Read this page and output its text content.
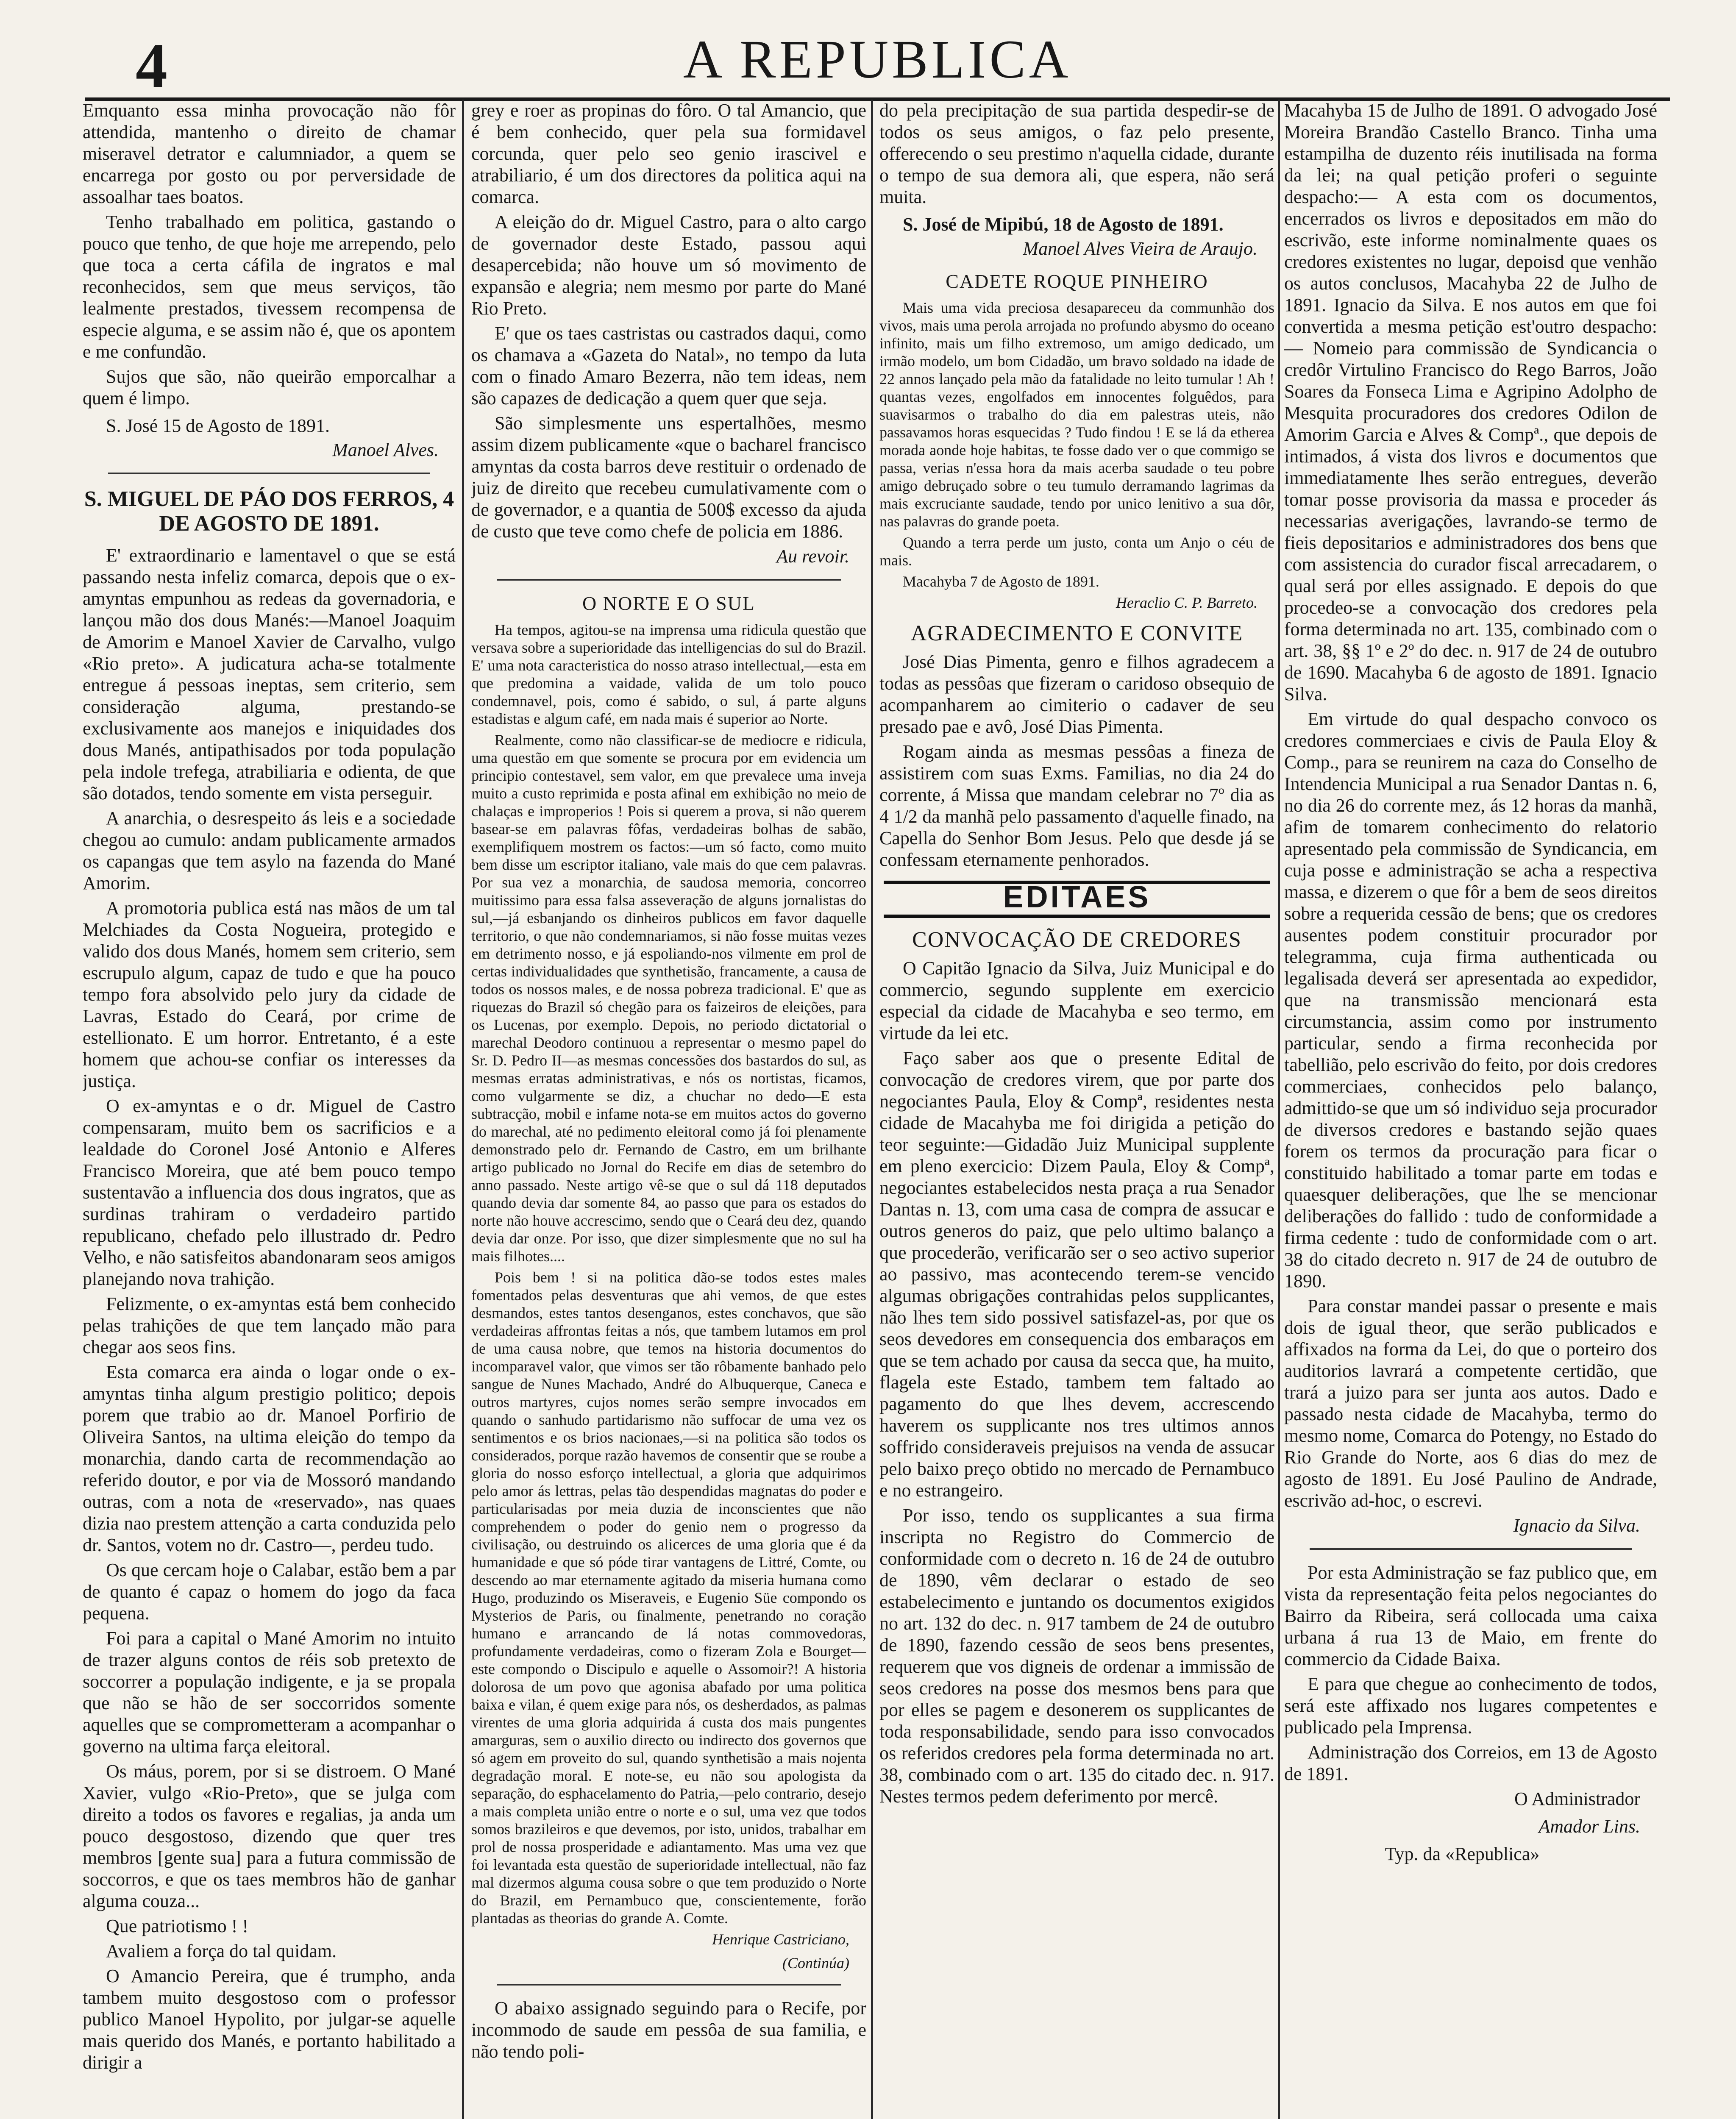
4	A REPUBLICA

Emquanto essa minha provocação não fôr attendida, mantenho o direito de chamar miseravel detrator e calumniador, a quem se encarrega por gosto ou por perversidade de assoalhar taes boatos.

Tenho trabalhado em politica, gastando o pouco que tenho, de que hoje me arrependo, pelo que toca a certa cáfila de ingratos e mal reconhecidos, sem que meus serviços, tão lealmente prestados, tivessem recompensa de especie alguma, e se assim não é, que os apontem e me confundão.

Sujos que são, não queirão emporcalhar a quem é limpo.

S. José 15 de Agosto de 1891.

Manoel Alves.

S. MIGUEL DE PÁO DOS FERROS, 4 DE AGOSTO DE 1891.

E' extraordinario e lamentavel o que se está passando nesta infeliz comarca, depois que o ex-amyntas empunhou as redeas da governadoria, e lançou mão dos dous Manés:—Manoel Joaquim de Amorim e Manoel Xavier de Carvalho, vulgo «Rio preto». A judicatura acha-se totalmente entregue á pessoas ineptas, sem criterio, sem consideração alguma, prestando-se exclusivamente aos manejos e iniquidades dos dous Manés, antipathisados por toda população pela indole trefega, atrabiliaria e odienta, de que são dotados, tendo somente em vista perseguir.

A anarchia, o desrespeito ás leis e a sociedade chegou ao cumulo: andam publicamente armados os capangas que tem asylo na fazenda do Mané Amorim.

A promotoria publica está nas mãos de um tal Melchiades da Costa Nogueira, protegido e valido dos dous Manés, homem sem criterio, sem escrupulo algum, capaz de tudo e que ha pouco tempo fora absolvido pelo jury da cidade de Lavras, Estado do Ceará, por crime de estellionato. E um horror. Entretanto, é a este homem que achou-se confiar os interesses da justiça.

O ex-amyntas e o dr. Miguel de Castro compensaram, muito bem os sacrificios e a lealdade do Coronel José Antonio e Alferes Francisco Moreira, que até bem pouco tempo sustentavão a influencia dos dous ingratos, que as surdinas trahiram o verdadeiro partido republicano, chefado pelo illustrado dr. Pedro Velho, e não satisfeitos abandonaram seos amigos planejando nova trahição.

Felizmente, o ex-amyntas está bem conhecido pelas trahições de que tem lançado mão para chegar aos seos fins.

Esta comarca era ainda o logar onde o ex-amyntas tinha algum prestigio politico; depois porem que trabio ao dr. Manoel Porfirio de Oliveira Santos, na ultima eleição do tempo da monarchia, dando carta de recommendação ao referido doutor, e por via de Mossoró mandando outras, com a nota de «reservado», nas quaes dizia nao prestem attenção a carta conduzida pelo dr. Santos, votem no dr. Castro—, perdeu tudo.

Os que cercam hoje o Calabar, estão bem a par de quanto é capaz o homem do jogo da faca pequena.

Foi para a capital o Mané Amorim no intuito de trazer alguns contos de réis sob pretexto de soccorrer a população indigente, e ja se propala que não se hão de ser soccorridos somente aquelles que se comprometteram a acompanhar o governo na ultima farça eleitoral.

Os máus, porem, por si se distroem. O Mané Xavier, vulgo «Rio-Preto», que se julga com direito a todos os favores e regalias, ja anda um pouco desgostoso, dizendo que quer tres membros [gente sua] para a futura commissão de soccorros, e que os taes membros hão de ganhar alguma couza...

Que patriotismo ! !

Avaliem a força do tal quidam.

O Amancio Pereira, que é trumpho, anda tambem muito desgostoso com o professor publico Manoel Hypolito, por julgar-se aquelle mais querido dos Manés, e portanto habilitado a dirigir a

grey e roer as propinas do fôro. O tal Amancio, que é bem conhecido, quer pela sua formidavel corcunda, quer pelo seo genio irascivel e atrabiliario, é um dos directores da politica aqui na comarca.

A eleição do dr. Miguel Castro, para o alto cargo de governador deste Estado, passou aqui desapercebida; não houve um só movimento de expansão e alegria; nem mesmo por parte do Mané Rio Preto.

E' que os taes castristas ou castrados daqui, como os chamava a «Gazeta do Natal», no tempo da luta com o finado Amaro Bezerra, não tem ideas, nem são capazes de dedicação a quem quer que seja.

São simplesmente uns espertalhões, mesmo assim dizem publicamente «que o bacharel francisco amyntas da costa barros deve restituir o ordenado de juiz de direito que recebeu cumulativamente com o de governador, e a quantia de 500$ excesso da ajuda de custo que teve como chefe de policia em 1886.

Au revoir.

O NORTE E O SUL

Ha tempos, agitou-se na imprensa uma ridicula questão que versava sobre a superioridade das intelligencias do sul do Brazil. E' uma nota caracteristica do nosso atraso intellectual,—esta em que predomina a vaidade, valida de um tolo pouco condemnavel, pois, como é sabido, o sul, á parte alguns estadistas e algum café, em nada mais é superior ao Norte.

Realmente, como não classificar-se de mediocre e ridicula, uma questão em que somente se procura por em evidencia um principio contestavel, sem valor, em que prevalece uma inveja muito a custo reprimida e posta afinal em exhibição no meio de chalaças e improperios ! Pois si querem a prova, si não querem basear-se em palavras fôfas, verdadeiras bolhas de sabão, exemplifiquem mostrem os factos:—um só facto, como muito bem disse um escriptor italiano, vale mais do que cem palavras. Por sua vez a monarchia, de saudosa memoria, concorreo muitissimo para essa falsa asseveração de alguns jornalistas do sul,—já esbanjando os dinheiros publicos em favor daquelle territorio, o que não condemnariamos, si não fosse muitas vezes em detrimento nosso, e já espoliando-nos vilmente em prol de certas individualidades que synthetisão, francamente, a causa de todos os nossos males, e de nossa pobreza tradicional. E' que as riquezas do Brazil só chegão para os faizeiros de eleições, para os Lucenas, por exemplo. Depois, no periodo dictatorial o marechal Deodoro continuou a representar o mesmo papel do Sr. D. Pedro II—as mesmas concessões dos bastardos do sul, as mesmas erratas administrativas, e nós os nortistas, ficamos, como vulgarmente se diz, a chuchar no dedo—E esta subtracção, mobil e infame nota-se em muitos actos do governo do marechal, até no pedimento eleitoral como já foi plenamente demonstrado pelo dr. Fernando de Castro, em um brilhante artigo publicado no Jornal do Recife em dias de setembro do anno passado. Neste artigo vê-se que o sul dá 118 deputados quando devia dar somente 84, ao passo que para os estados do norte não houve accrescimo, sendo que o Ceará deu dez, quando devia dar onze. Por isso, que dizer simplesmente que no sul ha mais filhotes....

Pois bem ! si na politica dão-se todos estes males fomentados pelas desventuras que ahi vemos, de que estes desmandos, estes tantos desenganos, estes conchavos, que são verdadeiras affrontas feitas a nós, que tambem lutamos em prol de uma causa nobre, que temos na historia documentos do incomparavel valor, que vimos ser tão rôbamente banhado pelo sangue de Nunes Machado, André do Albuquerque, Caneca e outros martyres, cujos nomes serão sempre invocados em quando o sanhudo partidarismo não suffocar de uma vez os sentimentos e os brios nacionaes,—si na politica são todos os considerados, porque razão havemos de consentir que se roube a gloria do nosso esforço intellectual, a gloria que adquirimos pelo amor ás lettras, pelas tão despendidas magnatas do poder e particularisadas por meia duzia de inconscientes que não comprehendem o poder do genio nem o progresso da civilisação, ou destruindo os alicerces de uma gloria que é da humanidade e que só póde tirar vantagens de Littré, Comte, ou descendo ao mar eternamente agitado da miseria humana como Hugo, produzindo os Miseraveis, e Eugenio Süe compondo os Mysterios de Paris, ou finalmente, penetrando no coração humano e arrancando de lá notas commovedoras, profundamente verdadeiras, como o fizeram Zola e Bourget—este compondo o Discipulo e aquelle o Assomoir?! A historia dolorosa de um povo que agonisa abafado por uma politica baixa e vilan, é quem exige para nós, os desherdados, as palmas virentes de uma gloria adquirida á custa dos mais pungentes amarguras, sem o auxilio directo ou indirecto dos governos que só agem em proveito do sul, quando synthetisão a mais nojenta degradação moral. E note-se, eu não sou apologista da separação, do esphacelamento do Patria,—pelo contrario, desejo a mais completa união entre o norte e o sul, uma vez que todos somos brazileiros e que devemos, por isto, unidos, trabalhar em prol de nossa prosperidade e adiantamento. Mas uma vez que foi levantada esta questão de superioridade intellectual, não faz mal dizermos alguma cousa sobre o que tem produzido o Norte do Brazil, em Pernambuco que, conscientemente, forão plantadas as theorias do grande A. Comte.

Henrique Castriciano,

(Continúa)

O abaixo assignado seguindo para o Recife, por incommodo de saude em pessôa de sua familia, e não tendo poli-

do pela precipitação de sua partida despedir-se de todos os seus amigos, o faz pelo presente, offerecendo o seu prestimo n'aquella cidade, durante o tempo de sua demora ali, que espera, não será muita.

S. José de Mipibú, 18 de Agosto de 1891.

Manoel Alves Vieira de Araujo.

CADETE ROQUE PINHEIRO

Mais uma vida preciosa desapareceu da communhão dos vivos, mais uma perola arrojada no profundo abysmo do oceano infinito, mais um filho extremoso, um amigo dedicado, um irmão modelo, um bom Cidadão, um bravo soldado na idade de 22 annos lançado pela mão da fatalidade no leito tumular ! Ah ! quantas vezes, engolfados em innocentes folguêdos, para suavisarmos o trabalho do dia em palestras uteis, não passavamos horas esquecidas ? Tudo findou ! E se lá da etherea morada aonde hoje habitas, te fosse dado ver o que commigo se passa, verias n'essa hora da mais acerba saudade o teu pobre amigo debruçado sobre o teu tumulo derramando lagrimas da mais excruciante saudade, tendo por unico lenitivo a sua dôr, nas palavras do grande poeta.

Quando a terra perde um justo, conta um Anjo o céu de mais.

Macahyba 7 de Agosto de 1891.

Heraclio C. P. Barreto.

AGRADECIMENTO E CONVITE

José Dias Pimenta, genro e filhos agradecem a todas as pessôas que fizeram o caridoso obsequio de acompanharem ao cimiterio o cadaver de seu presado pae e avô, José Dias Pimenta.

Rogam ainda as mesmas pessôas a fineza de assistirem com suas Exms. Familias, no dia 24 do corrente, á Missa que mandam celebrar no 7º dia as 4 1/2 da manhã pelo passamento d'aquelle finado, na Capella do Senhor Bom Jesus. Pelo que desde já se confessam eternamente penhorados.

EDITAES

CONVOCAÇÃO DE CREDORES

O Capitão Ignacio da Silva, Juiz Municipal e do commercio, segundo supplente em exercicio especial da cidade de Macahyba e seo termo, em virtude da lei etc.

Faço saber aos que o presente Edital de convocação de credores virem, que por parte dos negociantes Paula, Eloy & Compª, residentes nesta cidade de Macahyba me foi dirigida a petição do teor seguinte:—Gidadão Juiz Municipal supplente em pleno exercicio: Dizem Paula, Eloy & Compª, negociantes estabelecidos nesta praça a rua Senador Dantas n. 13, com uma casa de compra de assucar e outros generos do paiz, que pelo ultimo balanço a que procederão, verificarão ser o seo activo superior ao passivo, mas acontecendo terem-se vencido algumas obrigações contrahidas pelos supplicantes, não lhes tem sido possivel satisfazel-as, por que os seos devedores em consequencia dos embaraços em que se tem achado por causa da secca que, ha muito, flagela este Estado, tambem tem faltado ao pagamento do que lhes devem, accrescendo haverem os supplicante nos tres ultimos annos soffrido consideraveis prejuisos na venda de assucar pelo baixo preço obtido no mercado de Pernambuco e no estrangeiro.

Por isso, tendo os supplicantes a sua firma inscripta no Registro do Commercio de conformidade com o decreto n. 16 de 24 de outubro de 1890, vêm declarar o estado de seo estabelecimento e juntando os documentos exigidos no art. 132 do dec. n. 917 tambem de 24 de outubro de 1890, fazendo cessão de seos bens presentes, requerem que vos digneis de ordenar a immissão de seos credores na posse dos mesmos bens para que por elles se pagem e desonerem os supplicantes de toda responsabilidade, sendo para isso convocados os referidos credores pela forma determinada no art. 38, combinado com o art. 135 do citado dec. n. 917. Nestes termos pedem deferimento por mercê.

Macahyba 15 de Julho de 1891. O advogado José Moreira Brandão Castello Branco. Tinha uma estampilha de duzento réis inutilisada na forma da lei; na qual petição proferi o seguinte despacho:— A esta com os documentos, encerrados os livros e depositados em mão do escrivão, este informe nominalmente quaes os credores existentes no lugar, depoisd que venhão os autos conclusos, Macahyba 22 de Julho de 1891. Ignacio da Silva. E nos autos em que foi convertida a mesma petição est'outro despacho: — Nomeio para commissão de Syndicancia o credôr Virtulino Francisco do Rego Barros, João Soares da Fonseca Lima e Agripino Adolpho de Mesquita procuradores dos credores Odilon de Amorim Garcia e Alves & Compª., que depois de intimados, á vista dos livros e documentos que immediatamente lhes serão entregues, deverão tomar posse provisoria da massa e proceder ás necessarias averigações, lavrando-se termo de fieis depositarios e administradores dos bens que com assistencia do curador fiscal arrecadarem, o qual será por elles assignado. E depois do que procedeo-se a convocação dos credores pela forma determinada no art. 135, combinado com o art. 38, §§ 1º e 2º do dec. n. 917 de 24 de outubro de 1690. Macahyba 6 de agosto de 1891. Ignacio Silva.

Em virtude do qual despacho convoco os credores commerciaes e civis de Paula Eloy & Comp., para se reunirem na caza do Conselho de Intendencia Municipal a rua Senador Dantas n. 6, no dia 26 do corrente mez, ás 12 horas da manhã, afim de tomarem conhecimento do relatorio apresentado pela commissão de Syndicancia, em cuja posse e administração se acha a respectiva massa, e dizerem o que fôr a bem de seos direitos sobre a requerida cessão de bens; que os credores ausentes podem constituir procurador por telegramma, cuja firma authenticada ou legalisada deverá ser apresentada ao expedidor, que na transmissão mencionará esta circumstancia, assim como por instrumento particular, sendo a firma reconhecida por tabellião, pelo escrivão do feito, por dois credores commerciaes, conhecidos pelo balanço, admittido-se que um só individuo seja procurador de diversos credores e bastando sejão quaes forem os termos da procuração para ficar o constituido habilitado a tomar parte em todas e quaesquer deliberações, que lhe se mencionar deliberações do fallido : tudo de conformidade a firma cedente : tudo de conformidade com o art. 38 do citado decreto n. 917 de 24 de outubro de 1890.

Para constar mandei passar o presente e mais dois de igual theor, que serão publicados e affixados na forma da Lei, do que o porteiro dos auditorios lavrará a competente certidão, que trará a juizo para ser junta aos autos. Dado e passado nesta cidade de Macahyba, termo do mesmo nome, Comarca do Potengy, no Estado do Rio Grande do Norte, aos 6 dias do mez de agosto de 1891. Eu José Paulino de Andrade, escrivão ad-hoc, o escrevi.

Ignacio da Silva.

Por esta Administração se faz publico que, em vista da representação feita pelos negociantes do Bairro da Ribeira, será collocada uma caixa urbana á rua 13 de Maio, em frente do commercio da Cidade Baixa.

E para que chegue ao conhecimento de todos, será este affixado nos lugares competentes e publicado pela Imprensa.

Administração dos Correios, em 13 de Agosto de 1891.

O Administrador

Amador Lins.

Typ. da «Republica»
